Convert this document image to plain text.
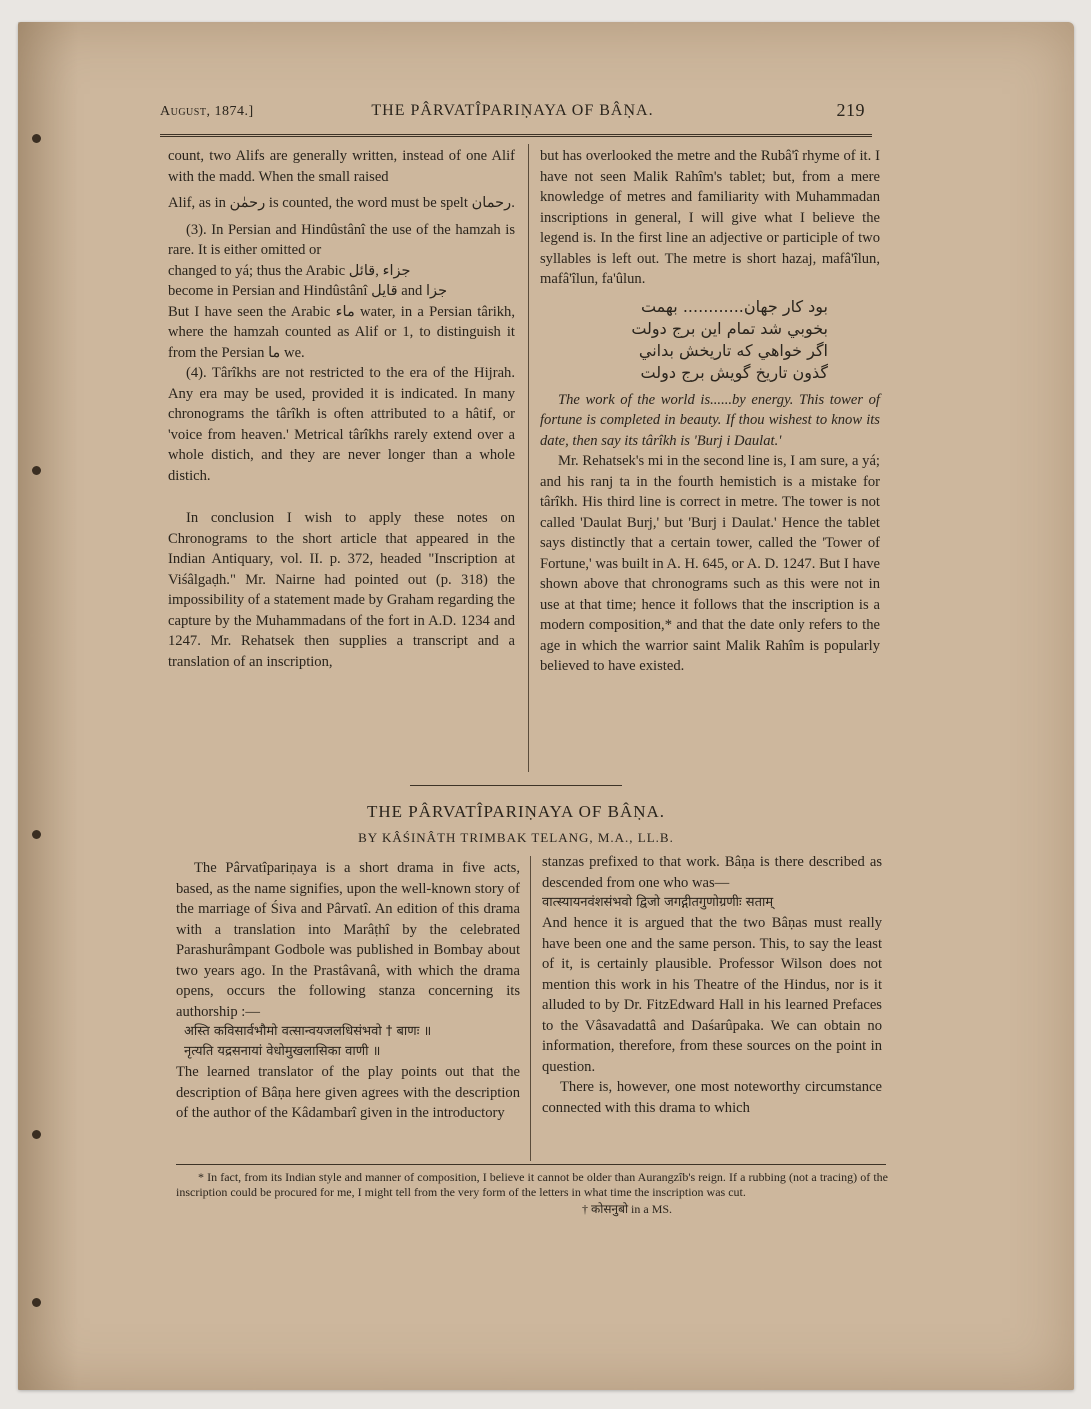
August, 1874.]	THE PÂRVATÎPARIṆAYA OF BÂṆA.	219

count, two Alifs are generally written, instead of one Alif with the madd. When the small raised

Alif, as in رحمٰن is counted, the word must be spelt رحمان.

(3). In Persian and Hindûstânî the use of the hamzah is rare. It is either omitted or

changed to yá; thus the Arabic جزاء ,قائل

become in Persian and Hindûstânî قایل and جزا

But I have seen the Arabic ماء water, in a Persian târikh, where the hamzah counted as Alif or 1, to distinguish it from the Persian ما we.

(4). Târîkhs are not restricted to the era of the Hijrah. Any era may be used, provided it is indicated. In many chronograms the târîkh is often attributed to a hâtif, or 'voice from heaven.' Metrical târîkhs rarely extend over a whole distich, and they are never longer than a whole distich.

In conclusion I wish to apply these notes on Chronograms to the short article that appeared in the Indian Antiquary, vol. II. p. 372, headed "Inscription at Viśâlgaḍh." Mr. Nairne had pointed out (p. 318) the impossibility of a statement made by Graham regarding the capture by the Muhammadans of the fort in A.D. 1234 and 1247. Mr. Rehatsek then supplies a transcript and a translation of an inscription,

but has overlooked the metre and the Rubâ'î rhyme of it. I have not seen Malik Rahîm's tablet; but, from a mere knowledge of metres and familiarity with Muhammadan inscriptions in general, I will give what I believe the legend is. In the first line an adjective or participle of two syllables is left out. The metre is short hazaj, mafâ'îlun, mafâ'îlun, fa'ûlun.

بود کار جهان............ بهمت
بخوبي شد تمام این برج دولت
اگر خواهي که تاریخش بداني
گذون تاریخ گویش برج دولت

The work of the world is......by energy. This tower of fortune is completed in beauty. If thou wishest to know its date, then say its târîkh is 'Burj i Daulat.'

Mr. Rehatsek's mi in the second line is, I am sure, a yá; and his ranj ta in the fourth hemistich is a mistake for târîkh. His third line is correct in metre. The tower is not called 'Daulat Burj,' but 'Burj i Daulat.' Hence the tablet says distinctly that a certain tower, called the 'Tower of Fortune,' was built in A. H. 645, or A. D. 1247. But I have shown above that chronograms such as this were not in use at that time; hence it follows that the inscription is a modern composition,* and that the date only refers to the age in which the warrior saint Malik Rahîm is popularly believed to have existed.

THE PÂRVATÎPARIṆAYA OF BÂṆA.
BY KÂŚINÂTH TRIMBAK TELANG, M.A., LL.B.

The Pârvatîpariṇaya is a short drama in five acts, based, as the name signifies, upon the well-known story of the marriage of Śiva and Pârvatî. An edition of this drama with a translation into Marâṭhî by the celebrated Parashurâmpant Godbole was published in Bombay about two years ago. In the Prastâvanâ, with which the drama opens, occurs the following stanza concerning its authorship :—

अस्ति कविसार्वभौमो वत्सान्वयजलधिसंभवो † बाणः ॥
नृत्यति यद्रसनायां वेधोमुखलासिका वाणी ॥

The learned translator of the play points out that the description of Bâṇa here given agrees with the description of the author of the Kâdambarî given in the introductory

stanzas prefixed to that work. Bâṇa is there described as descended from one who was—

वात्स्यायनवंशसंभवो द्विजो जगद्गीतगुणोग्रणीः सताम्

And hence it is argued that the two Bâṇas must really have been one and the same person. This, to say the least of it, is certainly plausible. Professor Wilson does not mention this work in his Theatre of the Hindus, nor is it alluded to by Dr. FitzEdward Hall in his learned Prefaces to the Vâsavadattâ and Daśarûpaka. We can obtain no information, therefore, from these sources on the point in question.

There is, however, one most noteworthy circumstance connected with this drama to which

* In fact, from its Indian style and manner of composition, I believe it cannot be older than Aurangzîb's reign. If a rubbing (not a tracing) of the inscription could be procured for me, I might tell from the very form of the letters in what time the inscription was cut.

† कोसनुबो in a MS.
